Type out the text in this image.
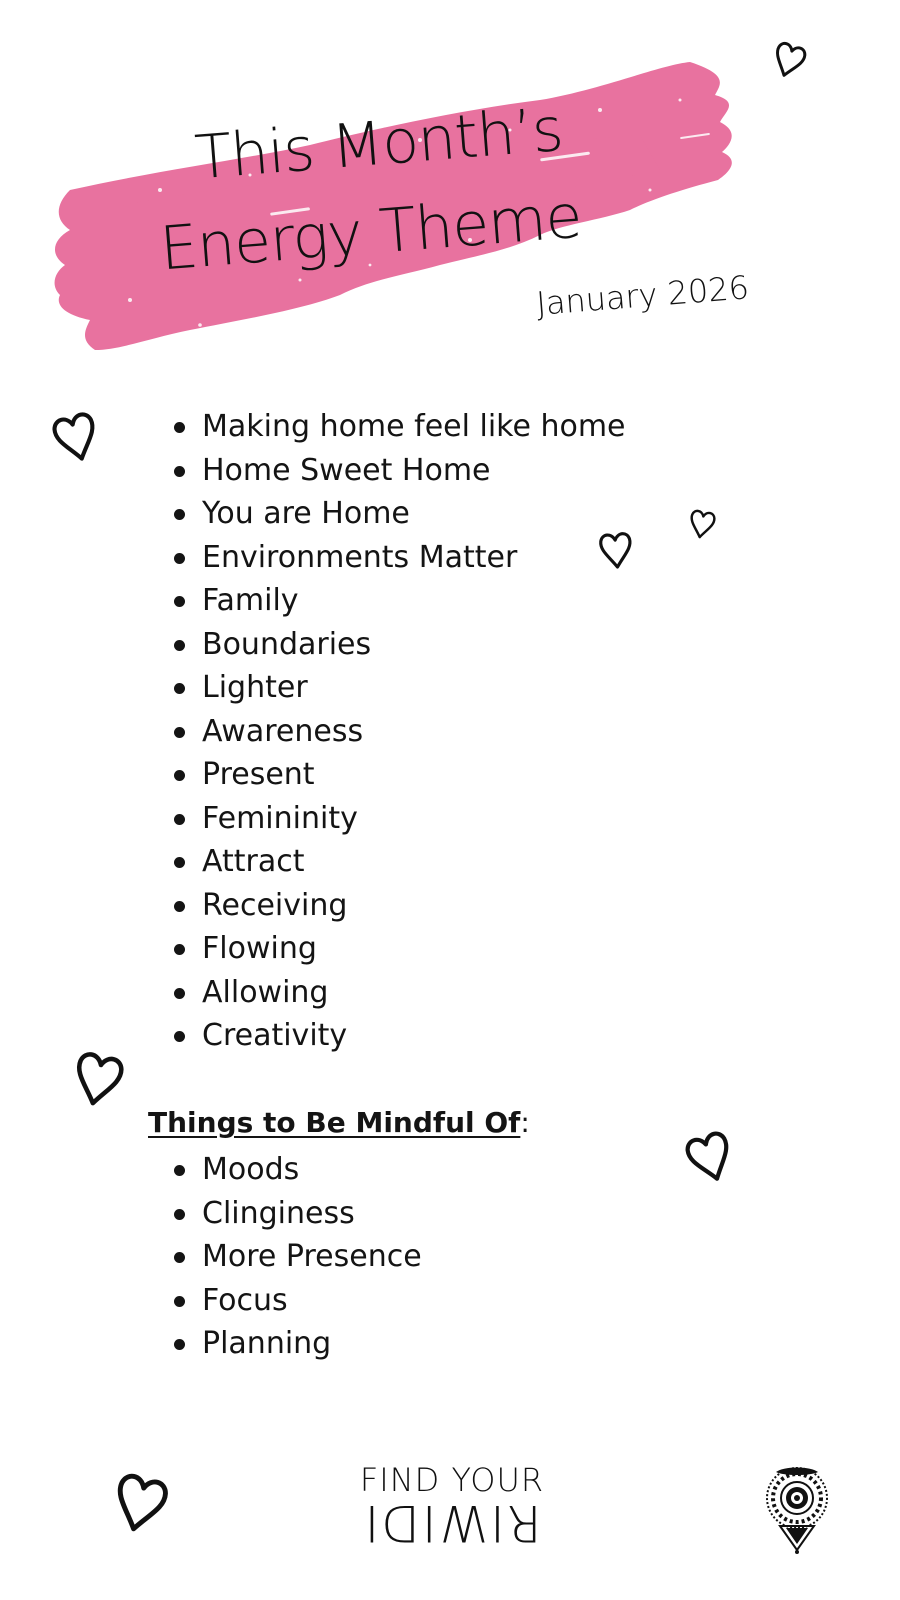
This Month’s
Energy Theme
January 2026
Making home feel like home
Home Sweet Home
You are Home
Environments Matter
Family
Boundaries
Lighter
Awareness
Present
Femininity
Attract
Receiving
Flowing
Allowing
Creativity
Things to Be Mindful Of:
Moods
Clinginess
More Presence
Focus
Planning
FIND YOUR
RIWIDI
